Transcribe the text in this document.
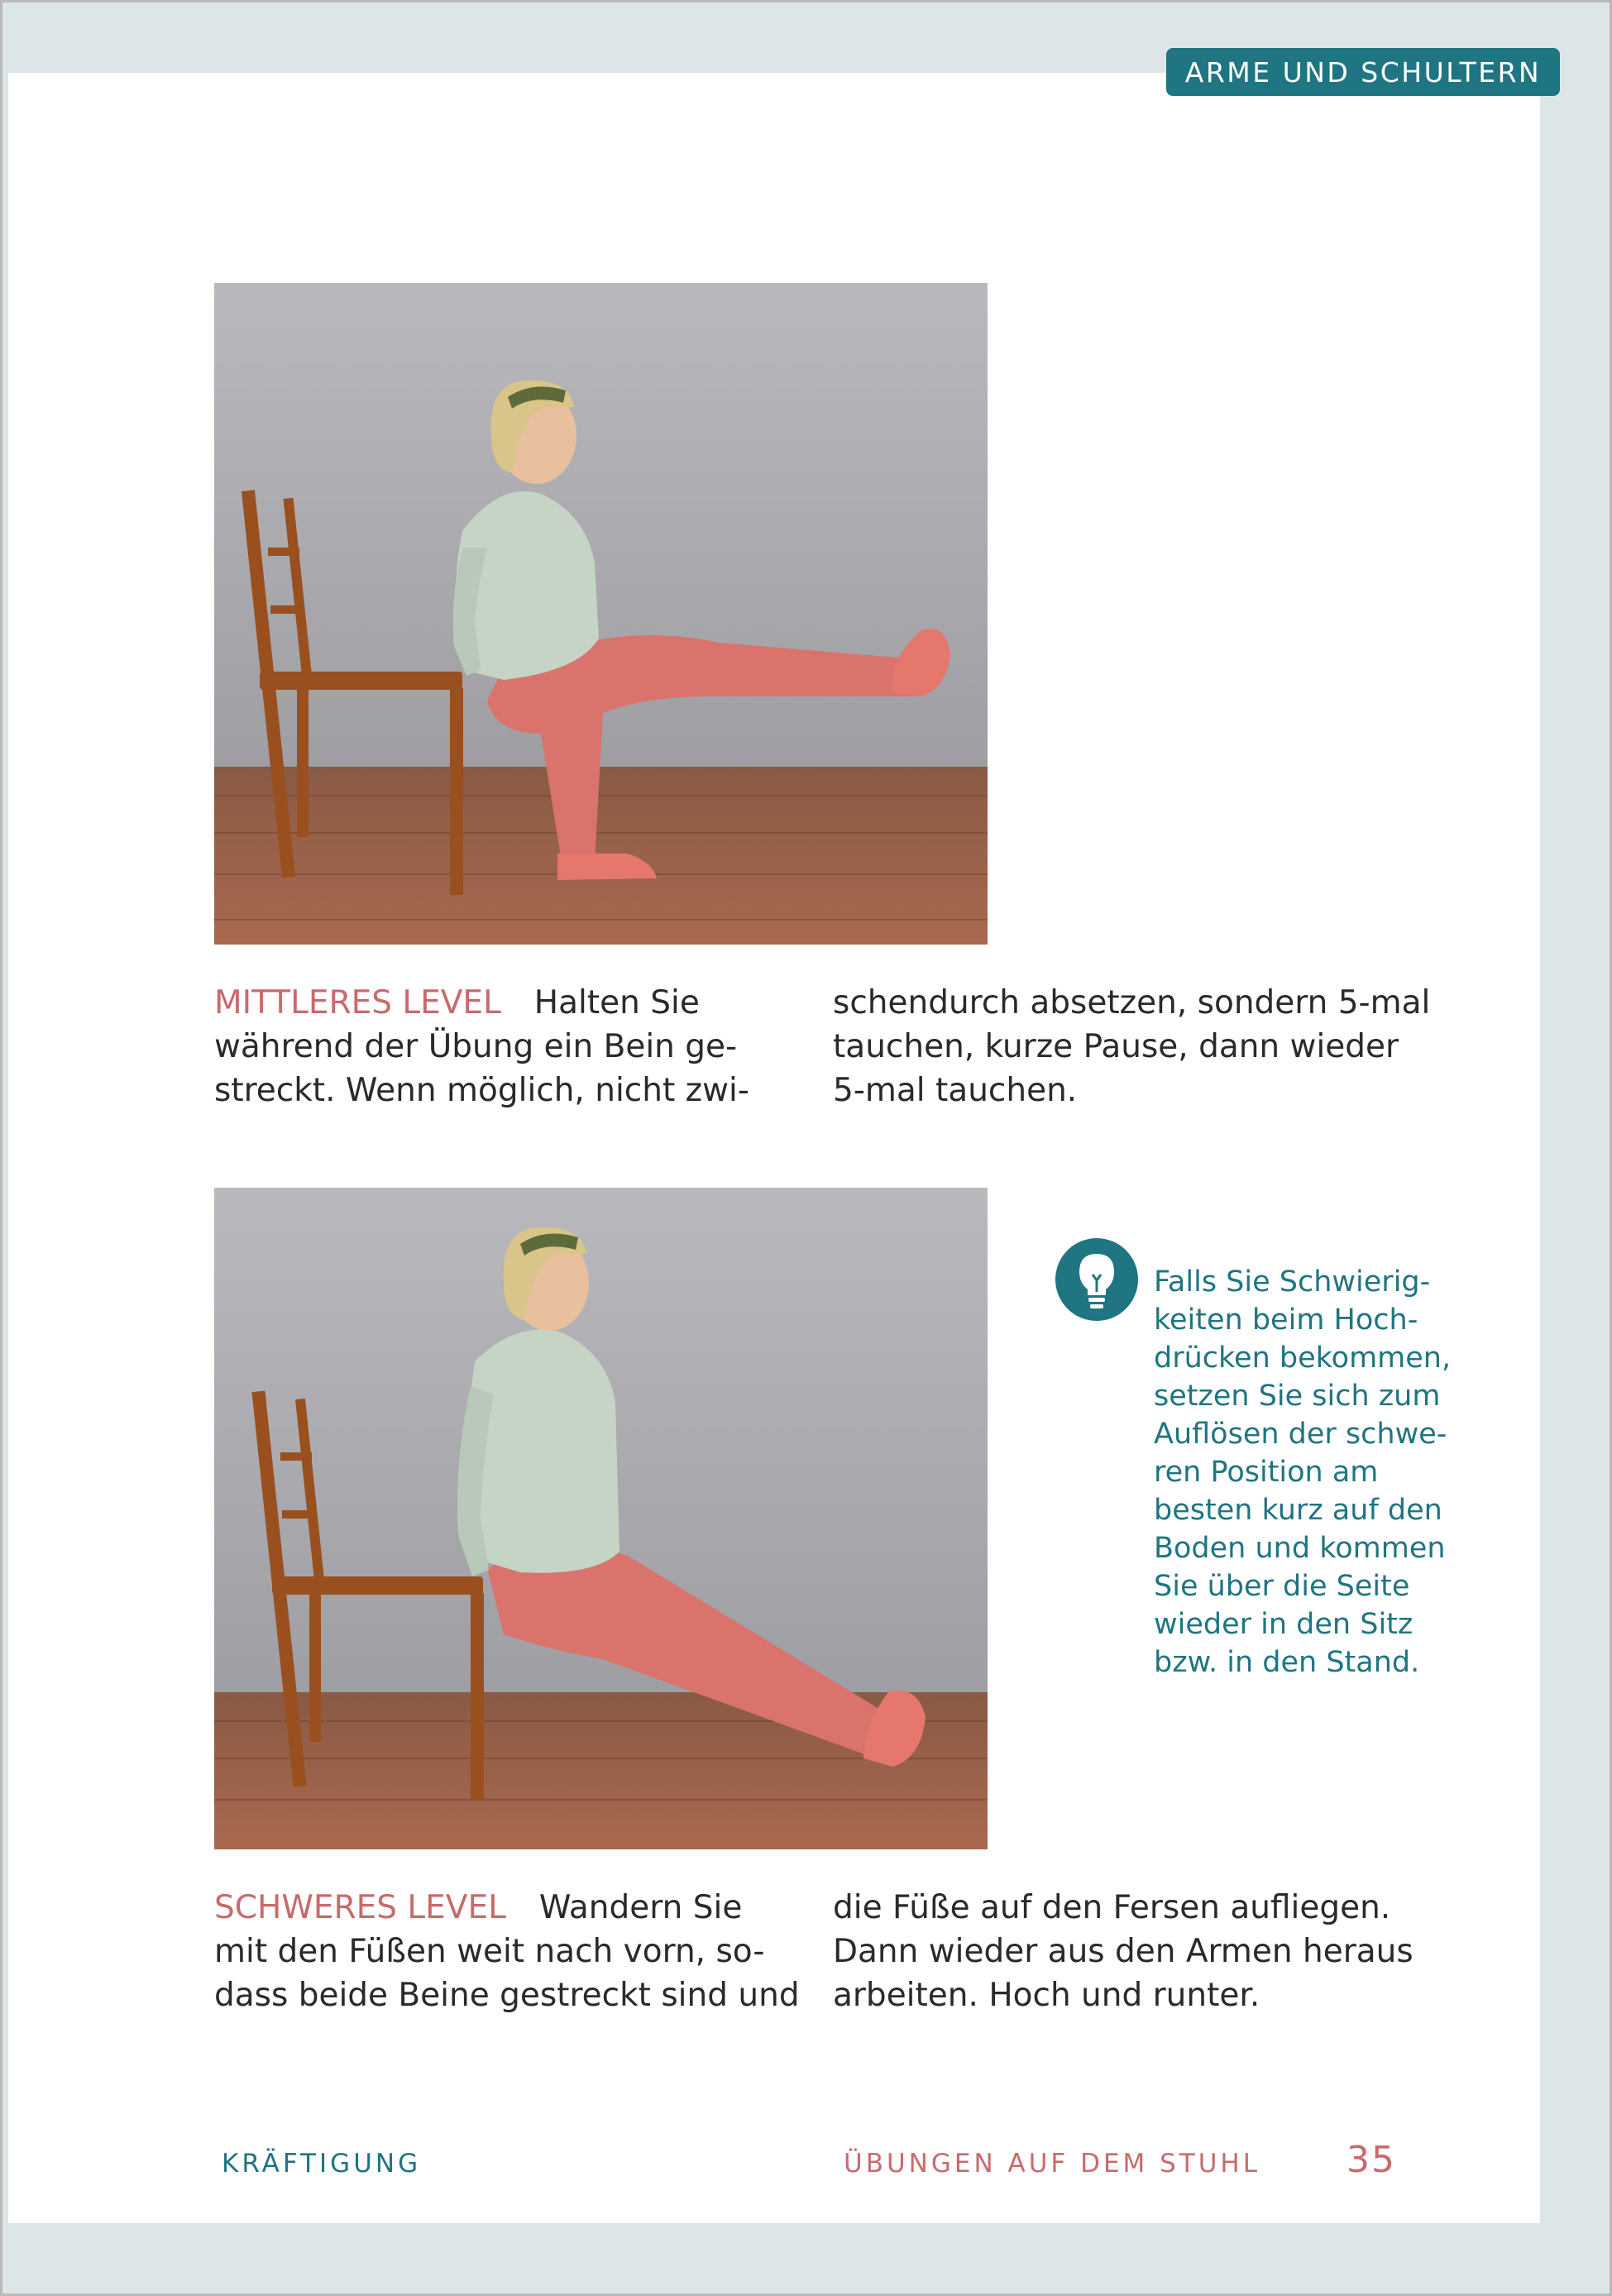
ARME UND SCHULTERN
MITTLERES LEVEL Halten Sie
während der Übung ein Bein ge-
streckt. Wenn möglich, nicht zwi-
schendurch absetzen, sondern 5-mal
tauchen, kurze Pause, dann wieder
5-mal tauchen.
Falls Sie Schwierig-
keiten beim Hoch-
drücken bekommen,
setzen Sie sich zum
Auflösen der schwe-
ren Position am
besten kurz auf den
Boden und kommen
Sie über die Seite
wieder in den Sitz
bzw. in den Stand.
SCHWERES LEVEL Wandern Sie
mit den Füßen weit nach vorn, so-
dass beide Beine gestreckt sind und
die Füße auf den Fersen aufliegen.
Dann wieder aus den Armen heraus
arbeiten. Hoch und runter.
KRÄFTIGUNG	ÜBUNGEN AUF DEM STUHL 35
